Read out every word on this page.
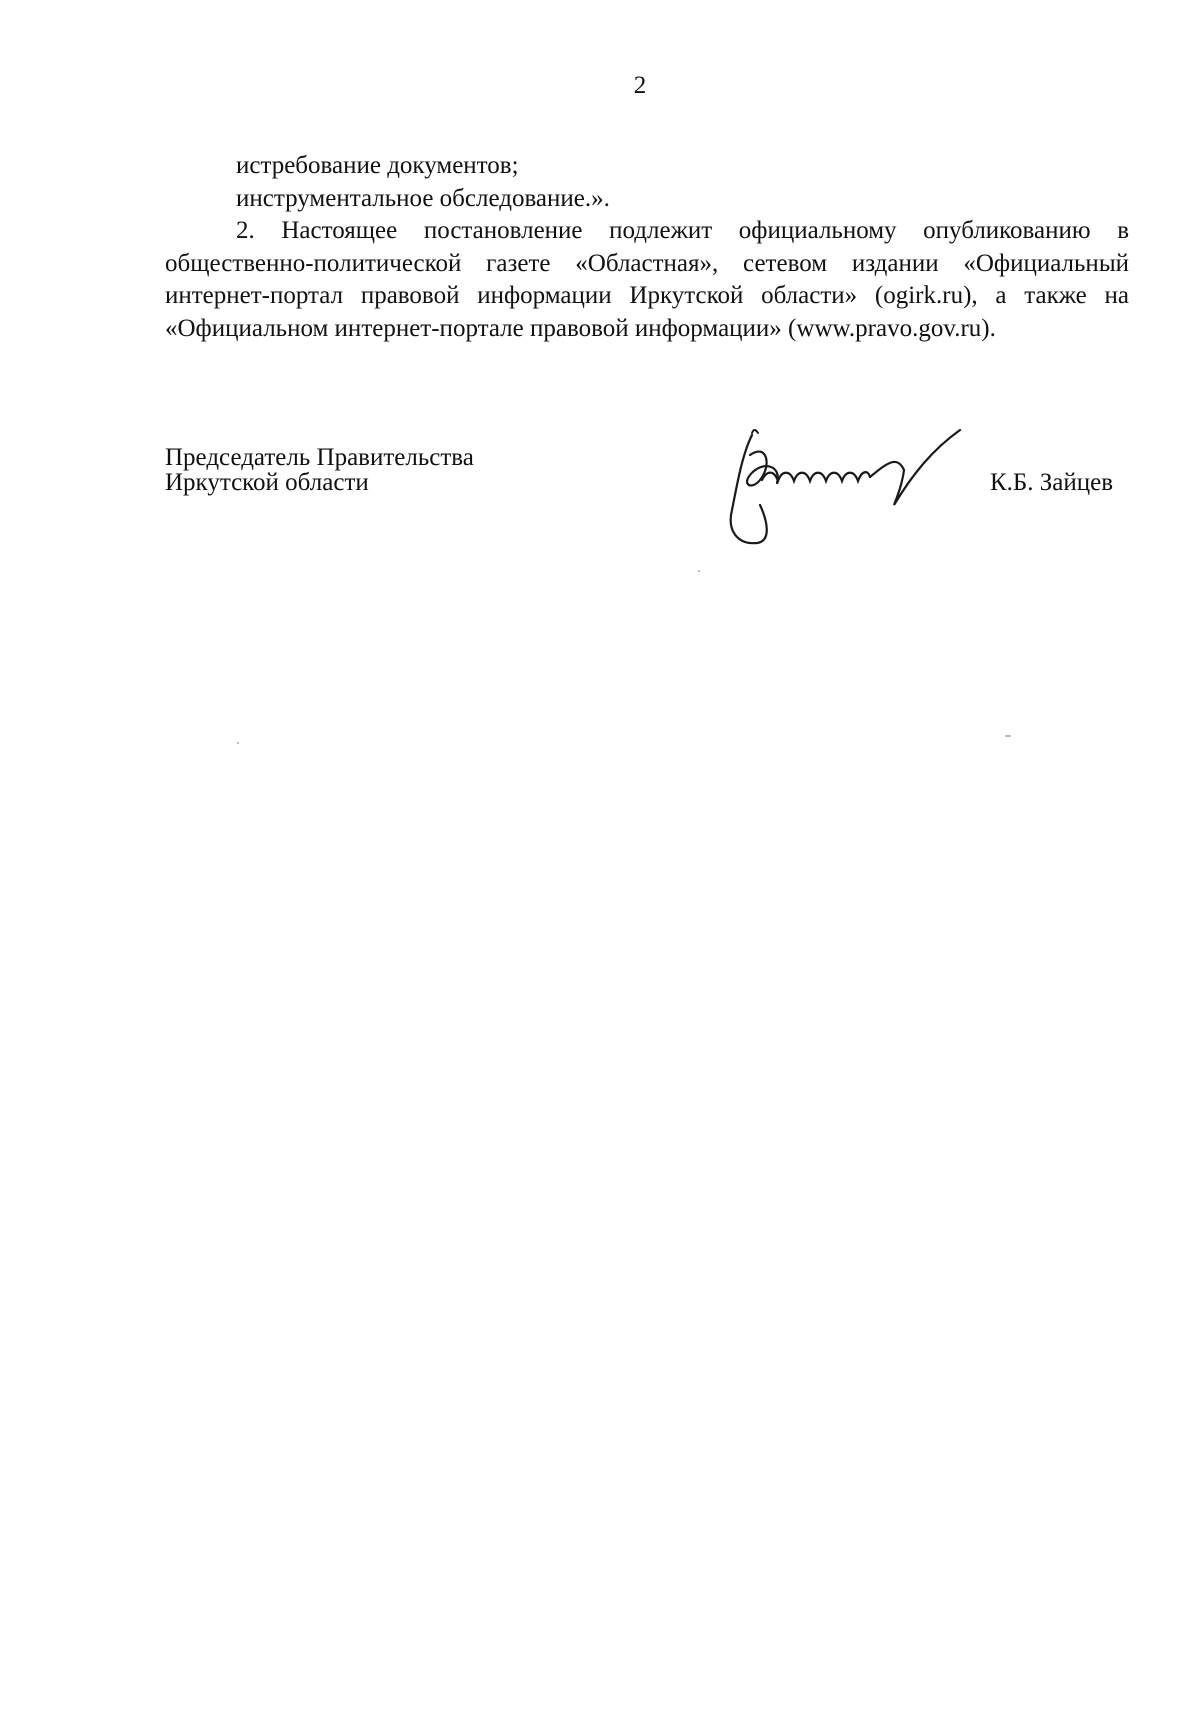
2

истребование документов;

инструментальное обследование.».

2. Настоящее постановление подлежит официальному опубликованию в общественно-политической газете «Областная», сетевом издании «Официальный интернет-портал правовой информации Иркутской области» (ogirk.ru), а также на «Официальном интернет-портале правовой информации» (www.pravo.gov.ru).

Председатель Правительства
Иркутской области	К.Б. Зайцев
